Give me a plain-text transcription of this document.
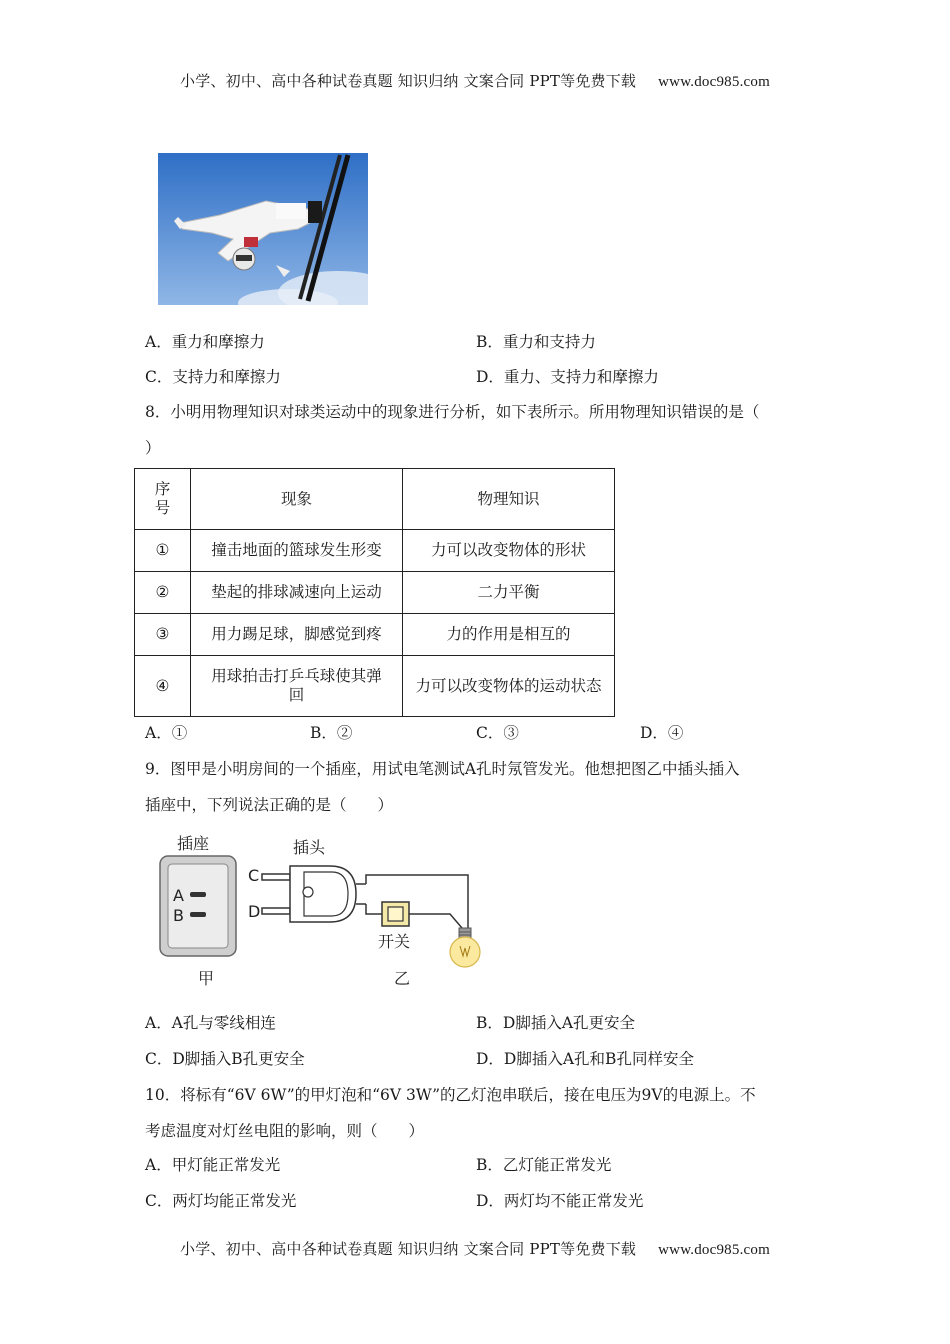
小学、初中、高中各种试卷真题 知识归纳 文案合同 PPT等免费下载 www.doc985.com
A．重力和摩擦力	B．重力和支持力
C．支持力和摩擦力	D．重力、支持力和摩擦力
8．小明用物理知识对球类运动中的现象进行分析，如下表所示。所用物理知识错误的是（
）
序号	现象	物理知识
①	撞击地面的篮球发生形变	力可以改变物体的形状
②	垫起的排球减速向上运动	二力平衡
③	用力踢足球，脚感觉到疼	力的作用是相互的
④	用球拍击打乒乓球使其弹回	力可以改变物体的运动状态
A．①	B．②	C．③	D．④
9．图甲是小明房间的一个插座，用试电笔测试A孔时氖管发光。他想把图乙中插头插入
插座中，下列说法正确的是（　　）
插座
A
B
甲
插头
C
D
开关
乙
A．A孔与零线相连	B．D脚插入A孔更安全
C．D脚插入B孔更安全	D．D脚插入A孔和B孔同样安全
10．将标有“6V 6W”的甲灯泡和“6V 3W”的乙灯泡串联后，接在电压为9V的电源上。不
考虑温度对灯丝电阻的影响，则（　　）
A．甲灯能正常发光	B．乙灯能正常发光
C．两灯均能正常发光	D．两灯均不能正常发光
小学、初中、高中各种试卷真题 知识归纳 文案合同 PPT等免费下载 www.doc985.com
